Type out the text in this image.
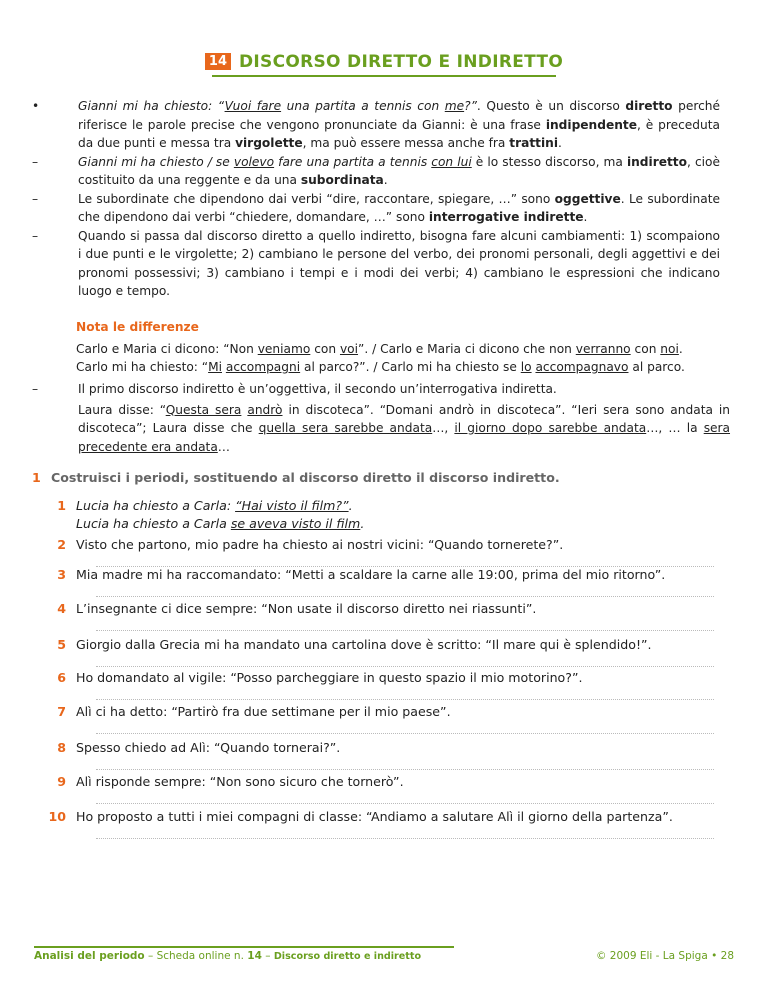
14 DISCORSO DIRETTO E INDIRETTO
•	Gianni mi ha chiesto: “Vuoi fare una partita a tennis con me?”. Questo è un discorso diretto perché riferisce le parole precise che vengono pronunciate da Gianni: è una frase indipendente, è preceduta da due punti e messa tra virgolette, ma può essere messa anche fra trattini.
–	Gianni mi ha chiesto / se volevo fare una partita a tennis con lui è lo stesso discorso, ma indiretto, cioè costituito da una reggente e da una subordinata.
–	Le subordinate che dipendono dai verbi “dire, raccontare, spiegare, …” sono oggettive. Le subordinate che dipendono dai verbi “chiedere, domandare, …” sono interrogative indirette.
–	Quando si passa dal discorso diretto a quello indiretto, bisogna fare alcuni cambiamenti: 1) scompaiono i due punti e le virgolette; 2) cambiano le persone del verbo, dei pronomi personali, degli aggettivi e dei pronomi possessivi; 3) cambiano i tempi e i modi dei verbi; 4) cambiano le espressioni che indicano luogo e tempo.
Nota le differenze
Carlo e Maria ci dicono: “Non veniamo con voi”. / Carlo e Maria ci dicono che non verranno con noi.
Carlo mi ha chiesto: “Mi accompagni al parco?”. / Carlo mi ha chiesto se lo accompagnavo al parco.
–	Il primo discorso indiretto è un’oggettiva, il secondo un’interrogativa indiretta.
Laura disse: “Questa sera andrò in discoteca”. “Domani andrò in discoteca”. “Ieri sera sono andata in discoteca”; Laura disse che quella sera sarebbe andata…, il giorno dopo sarebbe andata…, … la sera precedente era andata…
1 Costruisci i periodi, sostituendo al discorso diretto il discorso indiretto.
1 Lucia ha chiesto a Carla: “Hai visto il film?”.
Lucia ha chiesto a Carla se aveva visto il film.
2 Visto che partono, mio padre ha chiesto ai nostri vicini: “Quando tornerete?”.
3 Mia madre mi ha raccomandato: “Metti a scaldare la carne alle 19:00, prima del mio ritorno”.
4 L’insegnante ci dice sempre: “Non usate il discorso diretto nei riassunti”.
5 Giorgio dalla Grecia mi ha mandato una cartolina dove è scritto: “Il mare qui è splendido!”.
6 Ho domandato al vigile: “Posso parcheggiare in questo spazio il mio motorino?”.
7 Alì ci ha detto: “Partirò fra due settimane per il mio paese”.
8 Spesso chiedo ad Alì: “Quando tornerai?”.
9 Alì risponde sempre: “Non sono sicuro che tornerò”.
10 Ho proposto a tutti i miei compagni di classe: “Andiamo a salutare Alì il giorno della partenza”.
Analisi del periodo – Scheda online n. 14 – Discorso diretto e indiretto	© 2009 Eli - La Spiga • 28
